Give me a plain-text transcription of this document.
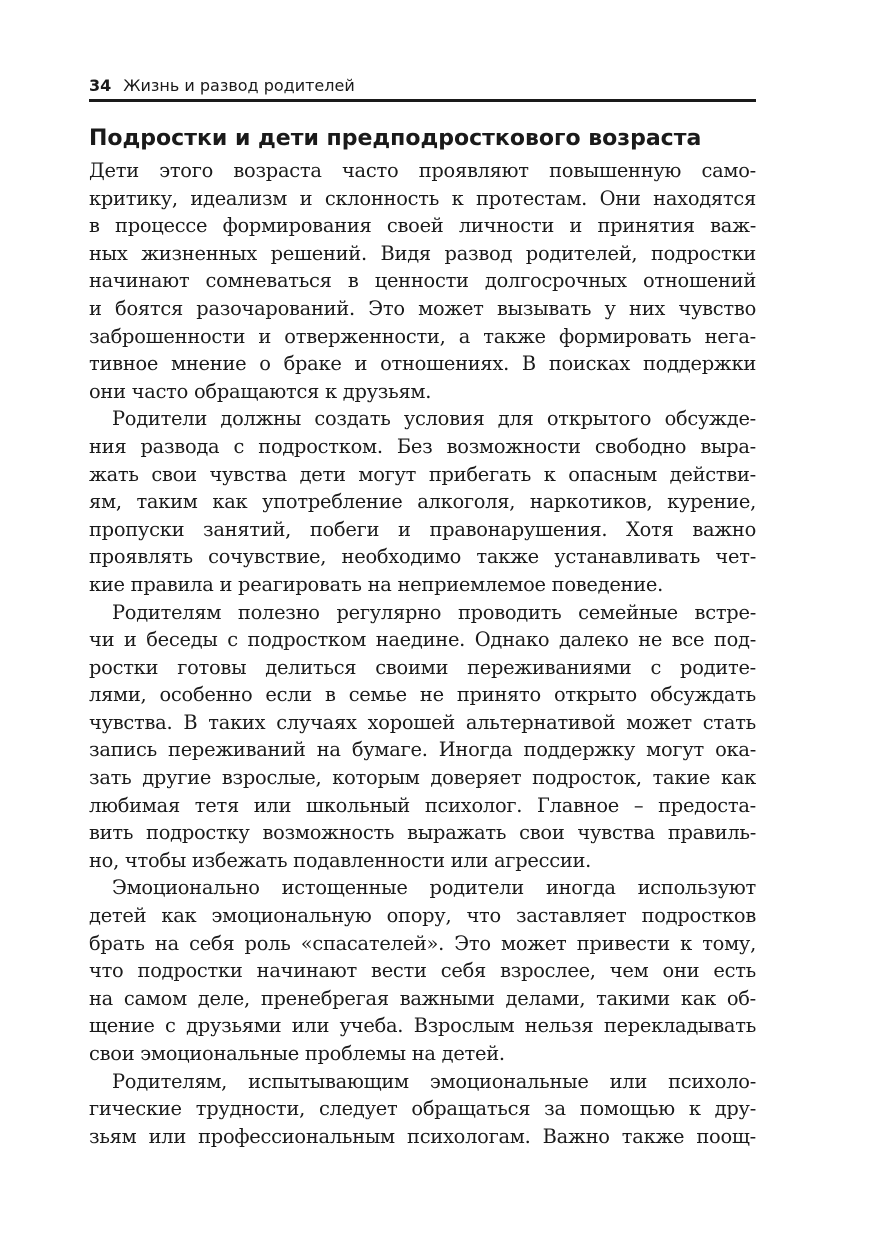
34 Жизнь и развод родителей
Подростки и дети предподросткового возраста
Дети этого возраста часто проявляют повышенную само-
критику, идеализм и склонность к протестам. Они находятся
в процессе формирования своей личности и принятия важ-
ных жизненных решений. Видя развод родителей, подростки
начинают сомневаться в ценности долгосрочных отношений
и боятся разочарований. Это может вызывать у них чувство
заброшенности и отверженности, а также формировать нега-
тивное мнение о браке и отношениях. В поисках поддержки
они часто обращаются к друзьям.
Родители должны создать условия для открытого обсужде-
ния развода с подростком. Без возможности свободно выра-
жать свои чувства дети могут прибегать к опасным действи-
ям, таким как употребление алкоголя, наркотиков, курение,
пропуски занятий, побеги и правонарушения. Хотя важно
проявлять сочувствие, необходимо также устанавливать чет-
кие правила и реагировать на неприемлемое поведение.
Родителям полезно регулярно проводить семейные встре-
чи и беседы с подростком наедине. Однако далеко не все под-
ростки готовы делиться своими переживаниями с родите-
лями, особенно если в семье не принято открыто обсуждать
чувства. В таких случаях хорошей альтернативой может стать
запись переживаний на бумаге. Иногда поддержку могут ока-
зать другие взрослые, которым доверяет подросток, такие как
любимая тетя или школьный психолог. Главное – предоста-
вить подростку возможность выражать свои чувства правиль-
но, чтобы избежать подавленности или агрессии.
Эмоционально истощенные родители иногда используют
детей как эмоциональную опору, что заставляет подростков
брать на себя роль «спасателей». Это может привести к тому,
что подростки начинают вести себя взрослее, чем они есть
на самом деле, пренебрегая важными делами, такими как об-
щение с друзьями или учеба. Взрослым нельзя перекладывать
свои эмоциональные проблемы на детей.
Родителям, испытывающим эмоциональные или психоло-
гические трудности, следует обращаться за помощью к дру-
зьям или профессиональным психологам. Важно также поощ-
